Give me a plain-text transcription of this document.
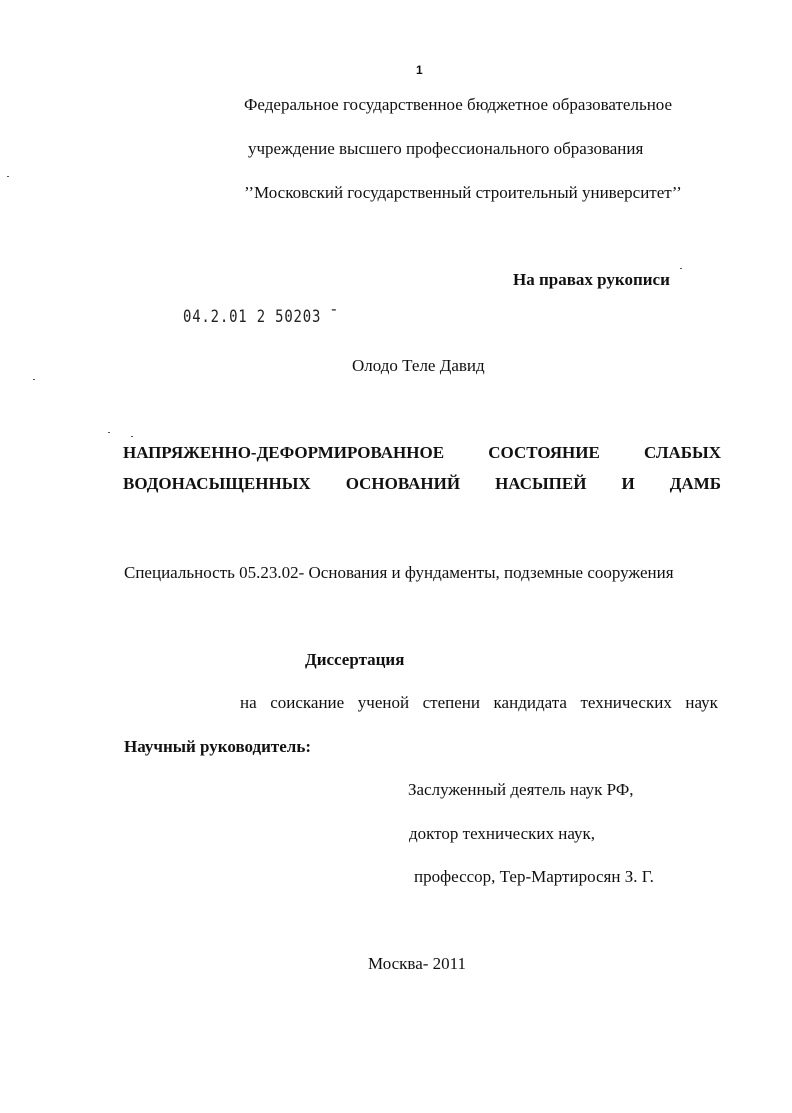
1
Федеральное государственное бюджетное образовательное
учреждение высшего профессионального образования
’’Московский государственный строительный университет’’
На правах рукописи
04.2.01 2 50203 ̄
Олодо Теле Давид
НАПРЯЖЕННО-ДЕФОРМИРОВАННОЕ	СОСТОЯНИЕ	СЛАБЫХ
ВОДОНАСЫЩЕННЫХ ОСНОВАНИЙ НАСЫПЕЙ И ДАМБ
Специальность 05.23.02- Основания и фундаменты, подземные сооружения
Диссертация
на соискание ученой степени кандидата технических наук
Научный руководитель:
Заслуженный деятель наук РФ,
доктор технических наук,
профессор, Тер-Мартиросян З. Г.
Москва- 2011
